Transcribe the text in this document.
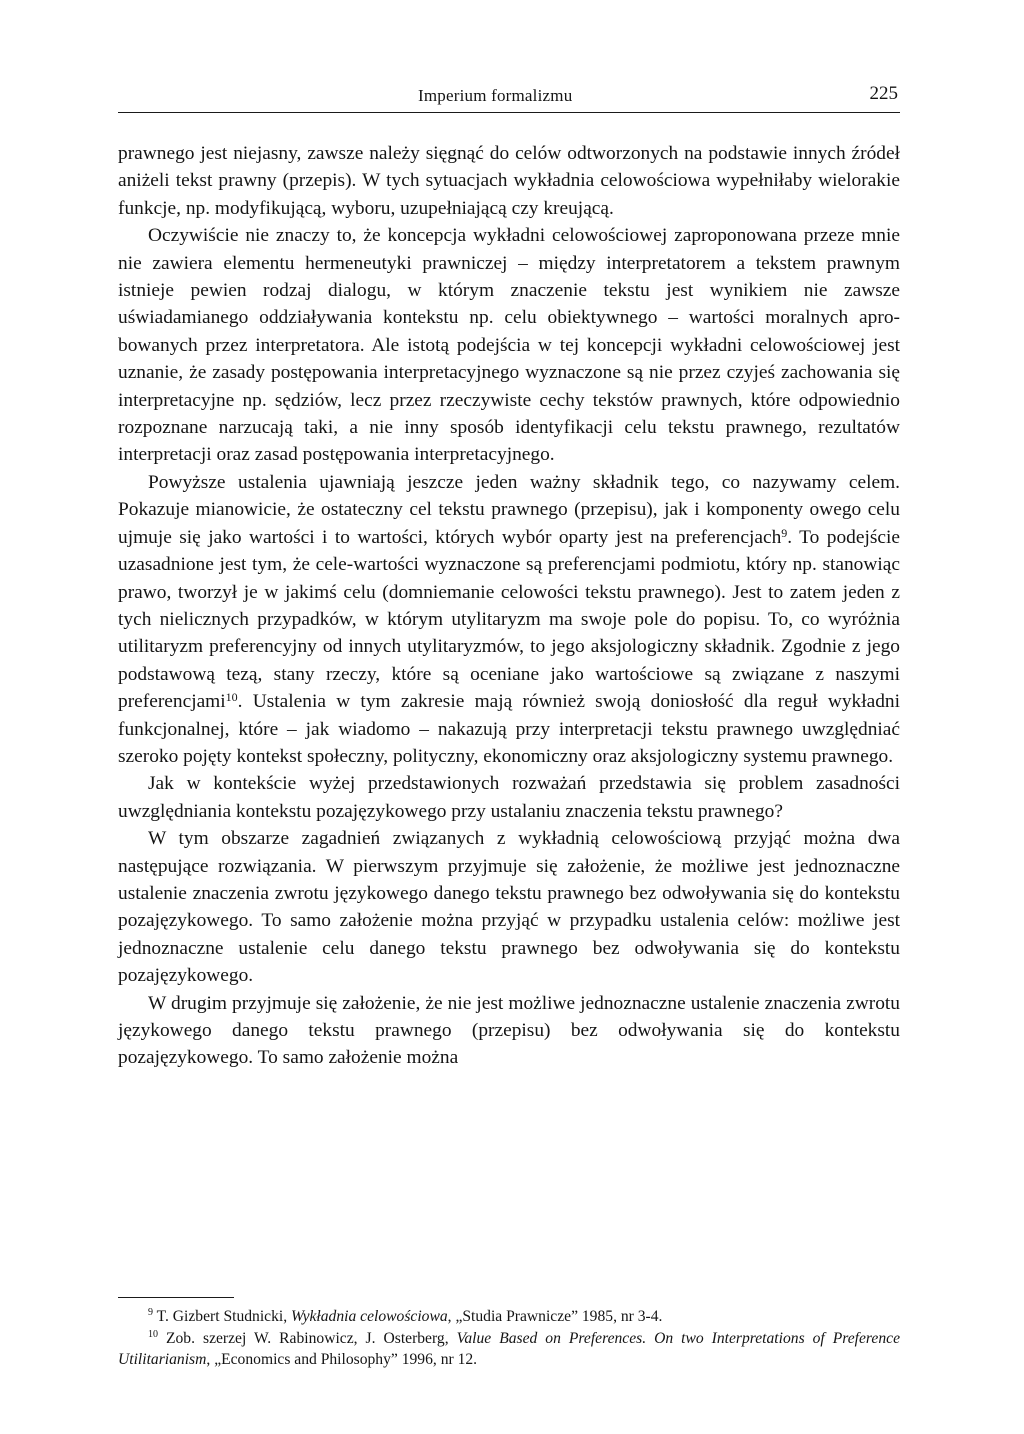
Imperium formalizmu	225

prawnego jest niejasny, zawsze należy sięgnąć do celów odtworzonych na podstawie innych źródeł aniżeli tekst prawny (przepis). W tych sytuacjach wykładnia celowościowa wypełniłaby wielorakie funkcje, np. modyfikującą, wyboru, uzupełniającą czy kreującą.

Oczywiście nie znaczy to, że koncepcja wykładni celowościowej zaproponowana przeze mnie nie zawiera elementu hermeneutyki prawniczej – między interpretatorem a tekstem prawnym istnieje pewien rodzaj dialogu, w którym znaczenie tekstu jest wynikiem nie zawsze uświadamianego oddziaływania kontekstu np. celu obiektywnego – wartości moralnych aprobowanych przez interpretatora. Ale istotą podejścia w tej koncepcji wykładni celowościowej jest uznanie, że zasady postępowania interpretacyjnego wyznaczone są nie przez czyjeś zachowania się interpretacyjne np. sędziów, lecz przez rzeczywiste cechy tekstów prawnych, które odpowiednio rozpoznane narzucają taki, a nie inny sposób identyfikacji celu tekstu prawnego, rezultatów interpretacji oraz zasad postępowania interpretacyjnego.

Powyższe ustalenia ujawniają jeszcze jeden ważny składnik tego, co nazywamy celem. Pokazuje mianowicie, że ostateczny cel tekstu prawnego (przepisu), jak i komponenty owego celu ujmuje się jako wartości i to wartości, których wybór oparty jest na preferencjach$^9$. To podejście uzasadnione jest tym, że cele-wartości wyznaczone są preferencjami podmiotu, który np. stanowiąc prawo, tworzył je w jakimś celu (domniemanie celowości tekstu prawnego). Jest to zatem jeden z tych nielicznych przypadków, w którym utylitaryzm ma swoje pole do popisu. To, co wyróżnia utilitaryzm preferencyjny od innych utylitaryzmów, to jego aksjologiczny składnik. Zgodnie z jego podstawową tezą, stany rzeczy, które są oceniane jako wartościowe są związane z naszymi preferencjami$^{10}$. Ustalenia w tym zakresie mają również swoją doniosłość dla reguł wykładni funkcjonalnej, które – jak wiadomo – nakazują przy interpretacji tekstu prawnego uwzględniać szeroko pojęty kontekst społeczny, polityczny, ekonomiczny oraz aksjologiczny systemu prawnego.

Jak w kontekście wyżej przedstawionych rozważań przedstawia się problem zasadności uwzględniania kontekstu pozajęzykowego przy ustalaniu znaczenia tekstu prawnego?

W tym obszarze zagadnień związanych z wykładnią celowościową przyjąć można dwa następujące rozwiązania. W pierwszym przyjmuje się założenie, że możliwe jest jednoznaczne ustalenie znaczenia zwrotu językowego danego tekstu prawnego bez odwoływania się do kontekstu pozajęzykowego. To samo założenie można przyjąć w przypadku ustalenia celów: możliwe jest jednoznaczne ustalenie celu danego tekstu prawnego bez odwoływania się do kontekstu pozajęzykowego.

W drugim przyjmuje się założenie, że nie jest możliwe jednoznaczne ustalenie znaczenia zwrotu językowego danego tekstu prawnego (przepisu) bez odwoływania się do kontekstu pozajęzykowego. To samo założenie można

$^9$ T. Gizbert Studnicki, Wykładnia celowościowa, „Studia Prawnicze” 1985, nr 3-4.

$^{10}$ Zob. szerzej W. Rabinowicz, J. Osterberg, Value Based on Preferences. On two Interpretations of Preference Utilitarianism, „Economics and Philosophy” 1996, nr 12.
